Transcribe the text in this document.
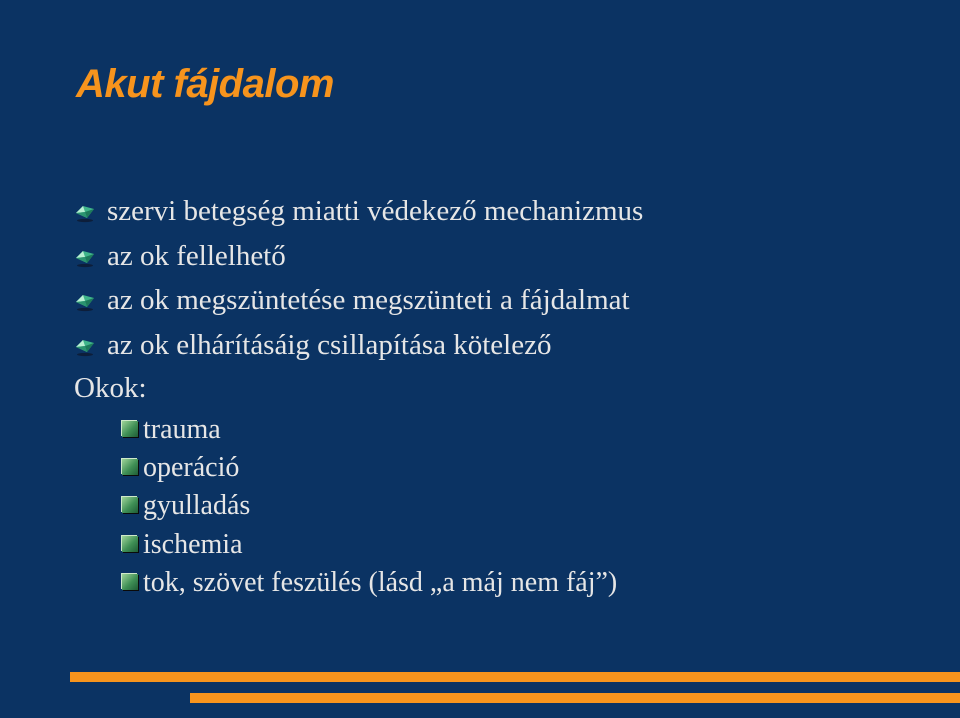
Akut fájdalom
szervi betegség miatti védekező mechanizmus
az ok fellelhető
az ok megszüntetése megszünteti a fájdalmat
az ok elhárításáig csillapítása kötelező
Okok:
trauma
operáció
gyulladás
ischemia
tok, szövet feszülés (lásd „a máj nem fáj”)
